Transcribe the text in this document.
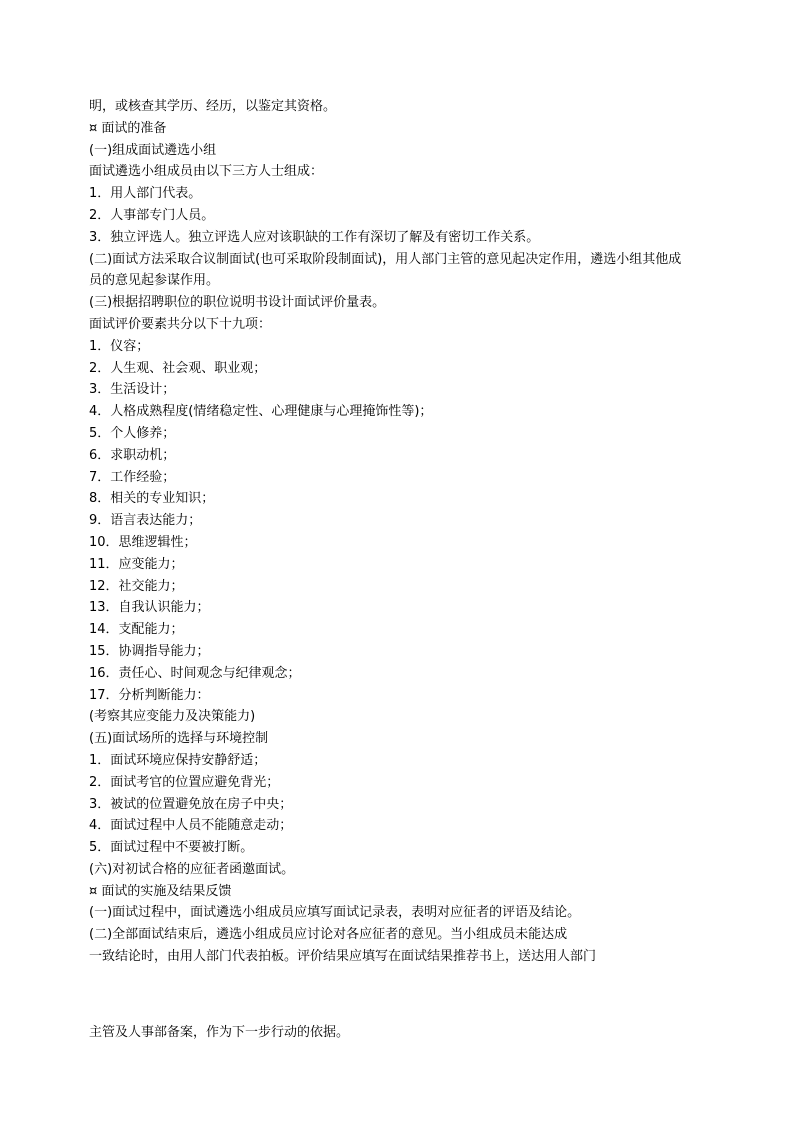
明，或核查其学历、经历，以鉴定其资格。
¤ 面试的准备
(一)组成面试遴选小组
面试遴选小组成员由以下三方人士组成：
1．用人部门代表。
2．人事部专门人员。
3．独立评选人。独立评选人应对该职缺的工作有深切了解及有密切工作关系。
(二)面试方法采取合议制面试(也可采取阶段制面试)，用人部门主管的意见起决定作用，遴选小组其他成
员的意见起参谋作用。
(三)根据招聘职位的职位说明书设计面试评价量表。
面试评价要素共分以下十九项：
1．仪容；
2．人生观、社会观、职业观；
3．生活设计；
4．人格成熟程度(情绪稳定性、心理健康与心理掩饰性等)；
5．个人修养；
6．求职动机；
7．工作经验；
8．相关的专业知识；
9．语言表达能力；
10．思维逻辑性；
11．应变能力；
12．社交能力；
13．自我认识能力；
14．支配能力；
15．协调指导能力；
16．责任心、时间观念与纪律观念；
17．分析判断能力：
(考察其应变能力及决策能力)
(五)面试场所的选择与环境控制
1．面试环境应保持安静舒适；
2．面试考官的位置应避免背光；
3．被试的位置避免放在房子中央；
4．面试过程中人员不能随意走动；
5．面试过程中不要被打断。
(六)对初试合格的应征者函邀面试。
¤ 面试的实施及结果反馈
(一)面试过程中，面试遴选小组成员应填写面试记录表，表明对应征者的评语及结论。
(二)全部面试结束后，遴选小组成员应讨论对各应征者的意见。当小组成员未能达成
一致结论时，由用人部门代表拍板。评价结果应填写在面试结果推荐书上，送达用人部门
主管及人事部备案，作为下一步行动的依据。
